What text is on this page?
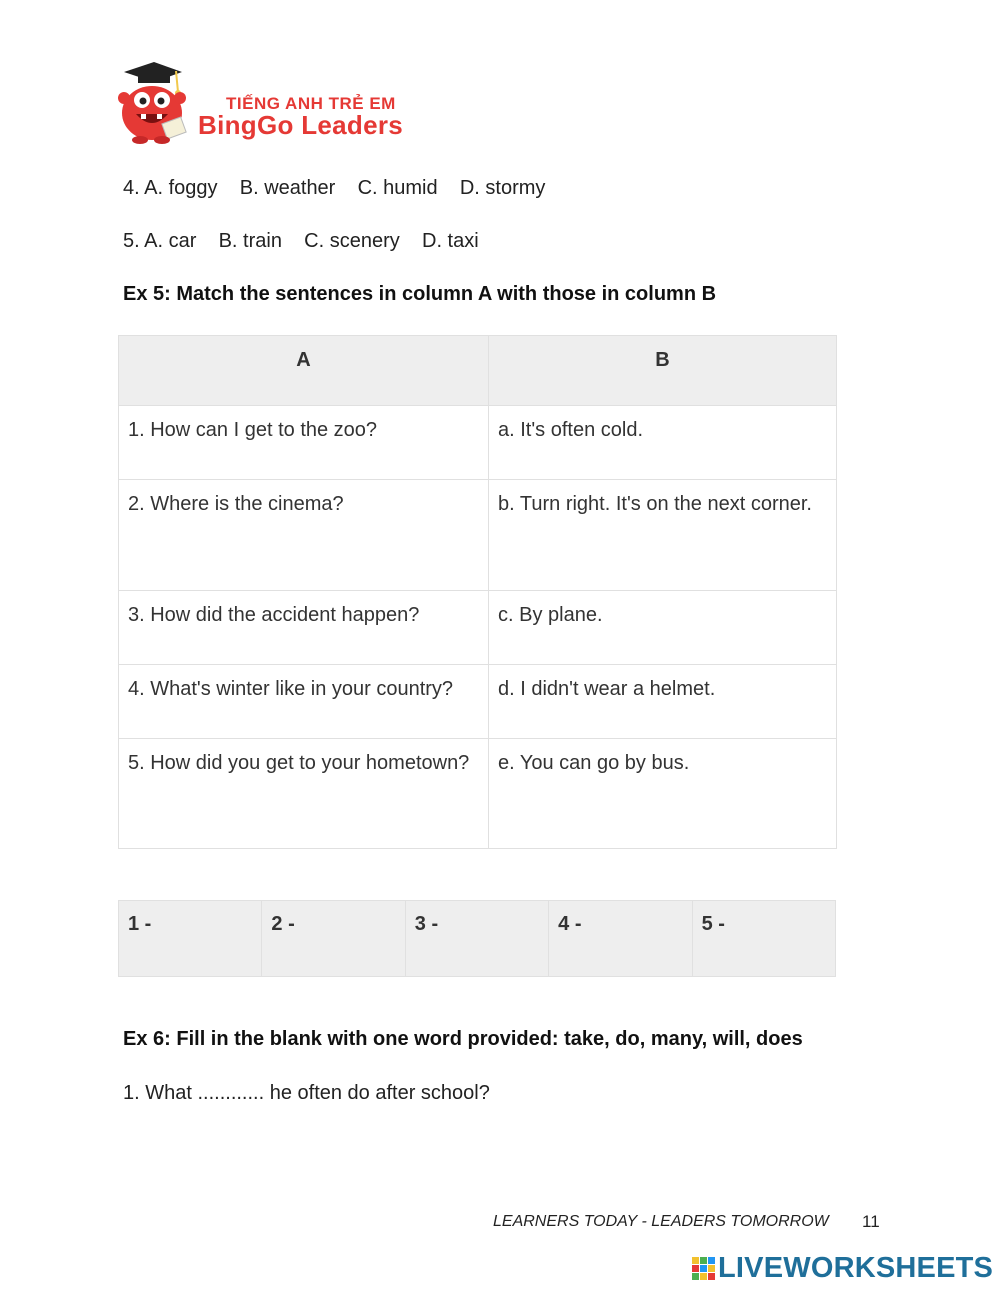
TIẾNG ANH TRẺ EM
BingGo Leaders
4. A. foggy    B. weather    C. humid    D. stormy
5. A. car    B. train    C. scenery    D. taxi
Ex 5: Match the sentences in column A with those in column B
A	B
1. How can I get to the zoo?	a. It's often cold.
2. Where is the cinema?	b. Turn right. It's on the next corner.
3. How did the accident happen?	c. By plane.
4. What's winter like in your country?	d. I didn't wear a helmet.
5. How did you get to your hometown?	e. You can go by bus.
1 -	2 -	3 -	4 -	5 -
Ex 6: Fill in the blank with one word provided: take, do, many, will, does
1. What ............ he often do after school?
LEARNERS TODAY - LEADERS TOMORROW 11
LIVEWORKSHEETS
